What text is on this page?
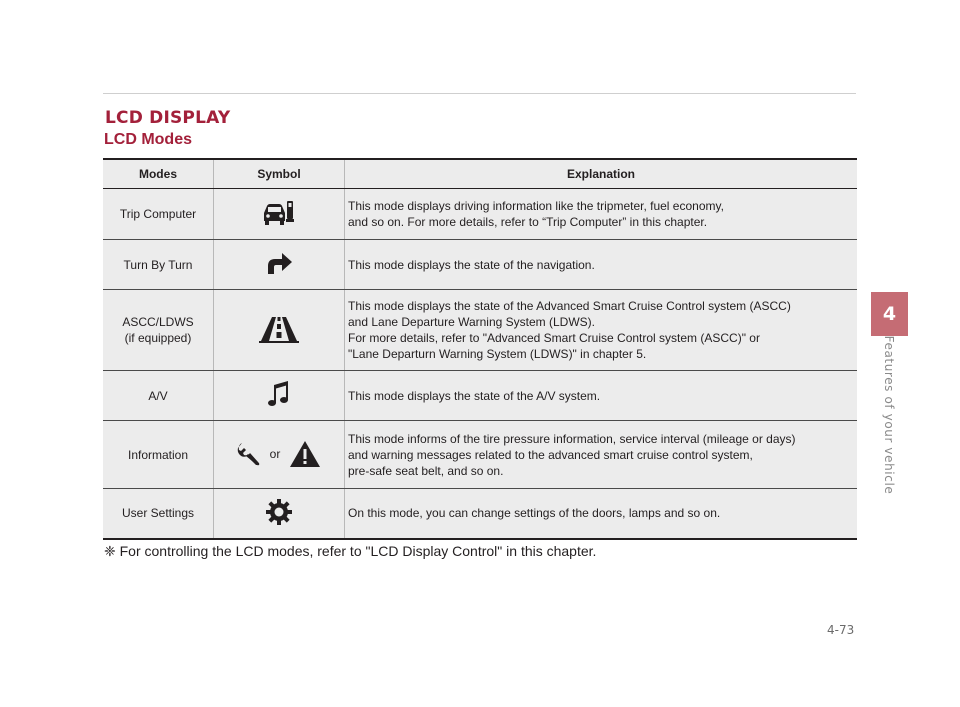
LCD DISPLAY
LCD Modes
4
Features of your vehicle
Modes	Symbol	Explanation

Trip Computer		This mode displays driving information like the tripmeter, fuel economy,
and so on. For more details, refer to “Trip Computer” in this chapter.

Turn By Turn		This mode displays the state of the navigation.

ASCC/LDWS
(if equipped)		This mode displays the state of the Advanced Smart Cruise Control system (ASCC)
and Lane Departure Warning System (LDWS).
For more details, refer to "Advanced Smart Cruise Control system (ASCC)" or
"Lane Departurn Warning System (LDWS)" in chapter 5.

A/V		This mode displays the state of the A/V system.

Information	or	This mode informs of the tire pressure information, service interval (mileage or days)
and warning messages related to the advanced smart cruise control system,
pre-safe seat belt, and so on.

User Settings		On this mode, you can change settings of the doors, lamps and so on.
❈ For controlling the LCD modes, refer to "LCD Display Control" in this chapter.
4-73
